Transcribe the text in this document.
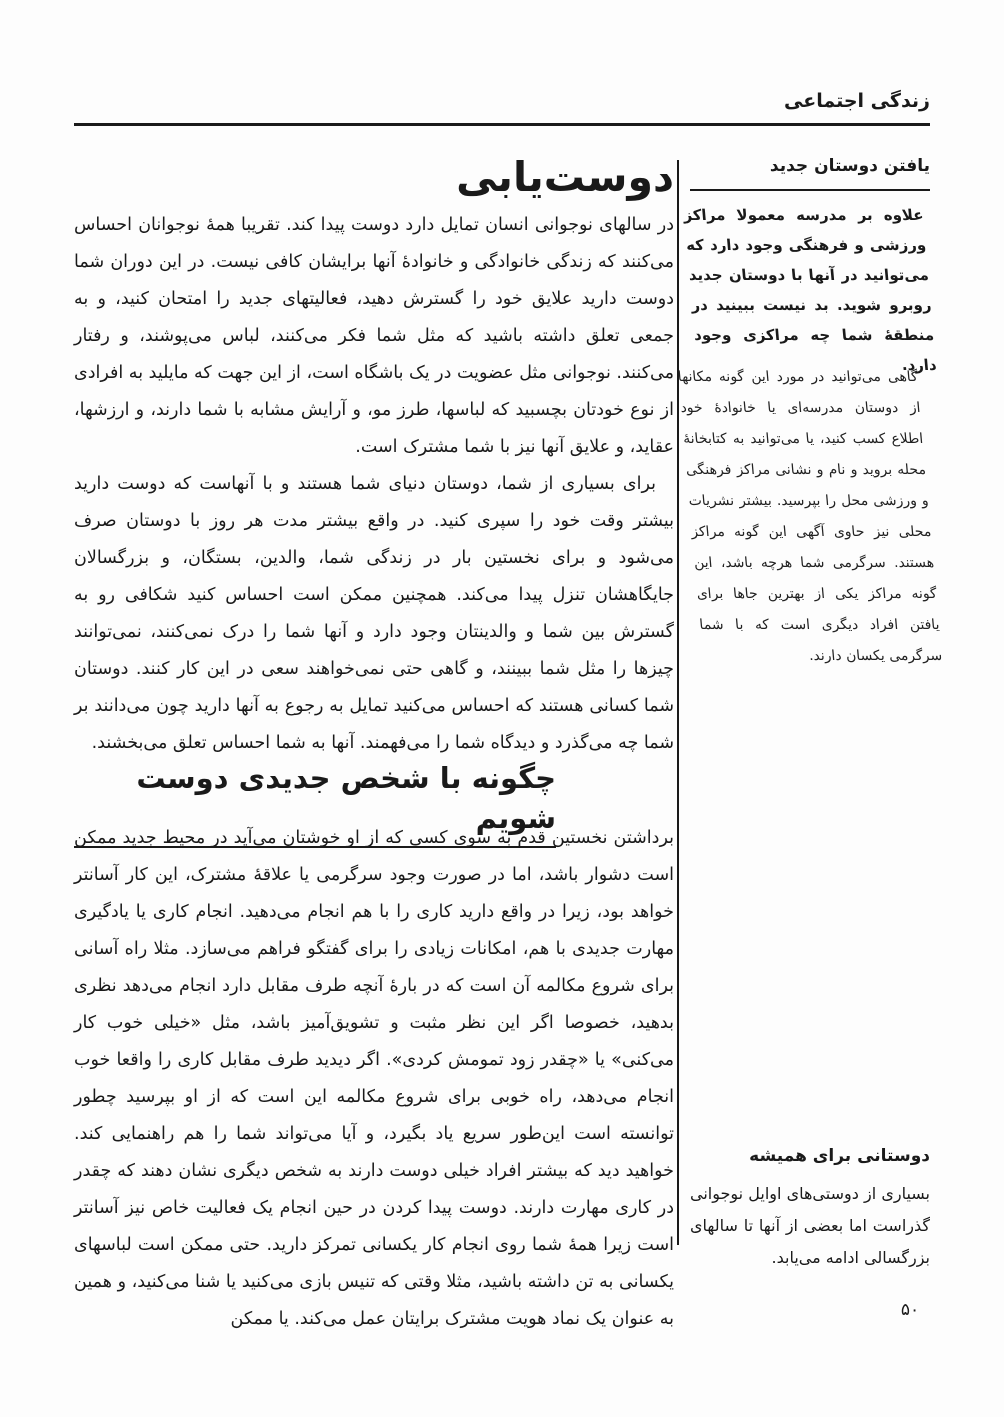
زندگی اجتماعی
دوست‌یابی

در سالهای نوجوانی انسان تمایل دارد دوست پیدا کند. تقریبا همهٔ نوجوانان احساس می‌کنند که زندگی خانوادگی و خانوادهٔ آنها برایشان کافی نیست. در این دوران شما دوست دارید علایق خود را گسترش دهید، فعالیتهای جدید را امتحان کنید، و به جمعی تعلق داشته باشید که مثل شما فکر می‌کنند، لباس می‌پوشند، و رفتار می‌کنند. نوجوانی مثل عضویت در یک باشگاه است، از این جهت که مایلید به افرادی از نوع خودتان بچسبید که لباسها، طرز مو، و آرایش مشابه با شما دارند، و ارزشها، عقاید، و علایق آنها نیز با شما مشترک است.

برای بسیاری از شما، دوستان دنیای شما هستند و با آنهاست که دوست دارید بیشتر وقت خود را سپری کنید. در واقع بیشتر مدت هر روز با دوستان صرف می‌شود و برای نخستین بار در زندگی شما، والدین، بستگان، و بزرگسالان جایگاهشان تنزل پیدا می‌کند. همچنین ممکن است احساس کنید شکافی رو به گسترش بین شما و والدینتان وجود دارد و آنها شما را درک نمی‌کنند، نمی‌توانند چیزها را مثل شما ببینند، و گاهی حتی نمی‌خواهند سعی در این کار کنند. دوستان شما کسانی هستند که احساس می‌کنید تمایل به رجوع به آنها دارید چون می‌دانند بر شما چه می‌گذرد و دیدگاه شما را می‌فهمند. آنها به شما احساس تعلق می‌بخشند.

چگونه با شخص جدیدی دوست شویم

برداشتن نخستین قدم به سوی کسی که از او خوشتان می‌آید در محیط جدید ممکن است دشوار باشد، اما در صورت وجود سرگرمی یا علاقهٔ مشترک، این کار آسانتر خواهد بود، زیرا در واقع دارید کاری را با هم انجام می‌دهید. انجام کاری یا یادگیری مهارت جدیدی با هم، امکانات زیادی را برای گفتگو فراهم می‌سازد. مثلا راه آسانی برای شروع مکالمه آن است که در بارهٔ آنچه طرف مقابل دارد انجام می‌دهد نظری بدهید، خصوصا اگر این نظر مثبت و تشویق‌آمیز باشد، مثل «خیلی خوب کار می‌کنی» یا «چقدر زود تمومش کردی». اگر دیدید طرف مقابل کاری را واقعا خوب انجام می‌دهد، راه خوبی برای شروع مکالمه این است که از او بپرسید چطور توانسته است این‌طور سریع یاد بگیرد، و آیا می‌تواند شما را هم راهنمایی کند. خواهید دید که بیشتر افراد خیلی دوست دارند به شخص دیگری نشان دهند که چقدر در کاری مهارت دارند. دوست پیدا کردن در حین انجام یک فعالیت خاص نیز آسانتر است زیرا همهٔ شما روی انجام کار یکسانی تمرکز دارید. حتی ممکن است لباسهای یکسانی به تن داشته باشید، مثلا وقتی که تنیس بازی می‌کنید یا شنا می‌کنید، و همین به عنوان یک نماد هویت مشترک برایتان عمل می‌کند. یا ممکن

یافتن دوستان جدید

علاوه بر مدرسه معمولا مراکز ورزشی و فرهنگی وجود دارد که می‌توانید در آنها با دوستان جدید روبرو شوید. بد نیست ببینید در منطقهٔ شما چه مراکزی وجود دارد.

گاهی می‌توانید در مورد این گونه مکانها از دوستان مدرسه‌ای یا خانوادهٔ خود اطلاع کسب کنید، یا می‌توانید به کتابخانهٔ محله بروید و نام و نشانی مراکز فرهنگی و ورزشی محل را بپرسید. بیشتر نشریات محلی نیز حاوی آگهی این گونه مراکز هستند. سرگرمی شما هرچه باشد، این گونه مراکز یکی از بهترین جاها برای یافتن افراد دیگری است که با شما سرگرمی یکسان دارند.

دوستانی برای همیشه

بسیاری از دوستی‌های اوایل نوجوانی گذراست اما بعضی از آنها تا سالهای بزرگسالی ادامه می‌یابد.

۵۰
